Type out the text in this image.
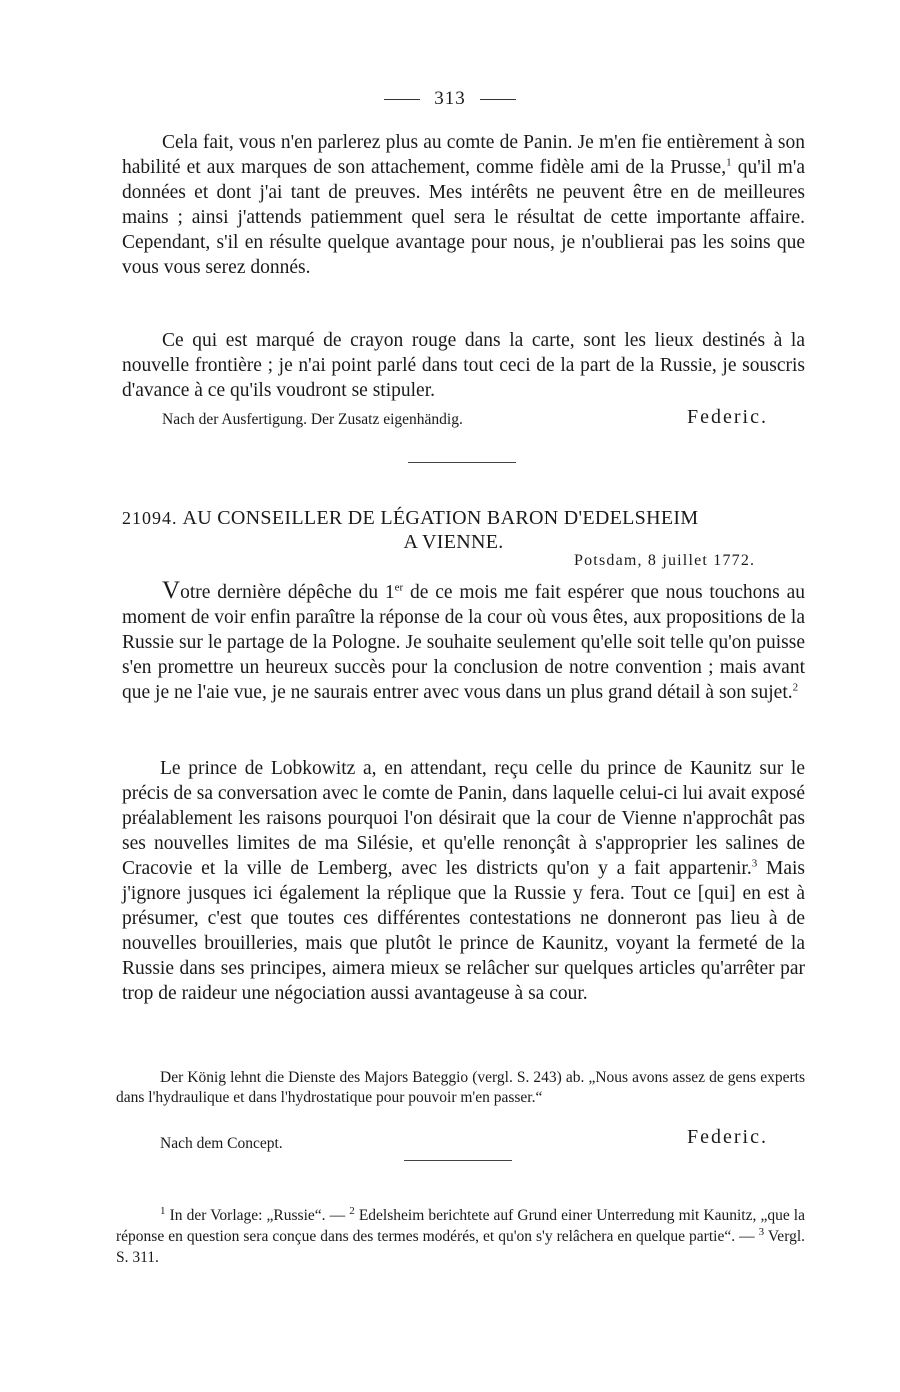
313

Cela fait, vous n'en parlerez plus au comte de Panin. Je m'en fie entièrement à son habilité et aux marques de son attachement, comme fidèle ami de la Prusse,$^1$ qu'il m'a données et dont j'ai tant de preuves. Mes intérêts ne peuvent être en de meilleures mains ; ainsi j'attends patiemment quel sera le résultat de cette importante affaire. Cependant, s'il en résulte quelque avantage pour nous, je n'oublierai pas les soins que vous vous serez donnés.

Ce qui est marqué de crayon rouge dans la carte, sont les lieux destinés à la nouvelle frontière ; je n'ai point parlé dans tout ceci de la part de la Russie, je souscris d'avance à ce qu'ils voudront se stipuler.

Nach der Ausfertigung. Der Zusatz eigenhändig.	Federic.
21094. AU CONSEILLER DE LÉGATION BARON D'EDELSHEIM
A VIENNE.
Potsdam, 8 juillet 1772.

Votre dernière dépêche du 1er de ce mois me fait espérer que nous touchons au moment de voir enfin paraître la réponse de la cour où vous êtes, aux propositions de la Russie sur le partage de la Pologne. Je souhaite seulement qu'elle soit telle qu'on puisse s'en promettre un heureux succès pour la conclusion de notre convention ; mais avant que je ne l'aie vue, je ne saurais entrer avec vous dans un plus grand détail à son sujet.$^2$

Le prince de Lobkowitz a, en attendant, reçu celle du prince de Kaunitz sur le précis de sa conversation avec le comte de Panin, dans laquelle celui-ci lui avait exposé préalablement les raisons pourquoi l'on désirait que la cour de Vienne n'approchât pas ses nouvelles limites de ma Silésie, et qu'elle renonçât à s'approprier les salines de Cracovie et la ville de Lemberg, avec les districts qu'on y a fait appartenir.$^3$ Mais j'ignore jusques ici également la réplique que la Russie y fera. Tout ce [qui] en est à présumer, c'est que toutes ces différentes contestations ne donneront pas lieu à de nouvelles brouilleries, mais que plutôt le prince de Kaunitz, voyant la fermeté de la Russie dans ses principes, aimera mieux se relâcher sur quelques articles qu'arrêter par trop de raideur une négociation aussi avantageuse à sa cour.

Der König lehnt die Dienste des Majors Bateggio (vergl. S. 243) ab. „Nous avons assez de gens experts dans l'hydraulique et dans l'hydrostatique pour pouvoir m'en passer.“

Nach dem Concept.	Federic.

$^1$ In der Vorlage: „Russie“. — $^2$ Edelsheim berichtete auf Grund einer Unterredung mit Kaunitz, „que la réponse en question sera conçue dans des termes modérés, et qu'on s'y relâchera en quelque partie“. — $^3$ Vergl. S. 311.
